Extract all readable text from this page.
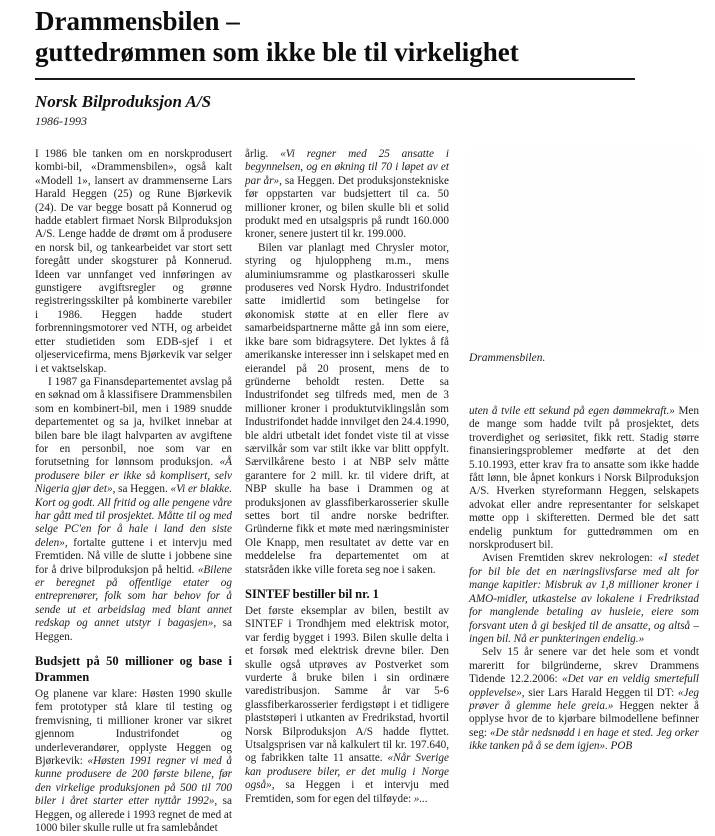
Drammensbilen –
guttedrømmen som ikke ble til virkelighet
Norsk Bilproduksjon A/S
1986-1993

I 1986 ble tanken om en norskprodusert kombi-bil, «Drammensbilen», også kalt «Modell 1», lansert av drammenserne Lars Harald Heggen (25) og Rune Bjørkevik (24). De var begge bosatt på Konnerud og hadde etablert firmaet Norsk Bilproduksjon A/S. Lenge hadde de drømt om å produsere en norsk bil, og tankearbeidet var stort sett foregått under skogsturer på Konnerud. Ideen var unnfanget ved innføringen av gunstigere avgiftsregler og grønne registreringsskilter på kombinerte varebiler i 1986. Heggen hadde studert forbrenningsmotorer ved NTH, og arbeidet etter studietiden som EDB-sjef i et oljeservicefirma, mens Bjørkevik var selger i et vaktselskap.

I 1987 ga Finansdepartementet avslag på en søknad om å klassifisere Drammensbilen som en kombinert-bil, men i 1989 snudde departementet og sa ja, hvilket innebar at bilen bare ble ilagt halvparten av avgiftene for en personbil, noe som var en forutsetning for lønnsom produksjon. «Å produsere biler er ikke så komplisert, selv Nigeria gjør det», sa Heggen. «Vi er blakke. Kort og godt. All fritid og alle pengene våre har gått med til prosjektet. Måtte til og med selge PC'en for å hale i land den siste delen», fortalte guttene i et intervju med Fremtiden. Nå ville de slutte i jobbene sine for å drive bilproduksjon på heltid. «Bilene er beregnet på offentlige etater og entreprenører, folk som har behov for å sende ut et arbeidslag med blant annet redskap og annet utstyr i bagasjen», sa Heggen.

Budsjett på 50 millioner og base i Drammen

Og planene var klare: Høsten 1990 skulle fem prototyper stå klare til testing og fremvisning, ti millioner kroner var sikret gjennom Industrifondet og underleverandører, opplyste Heggen og Bjørkevik: «Høsten 1991 regner vi med å kunne produsere de 200 første bilene, før den virkelige produksjonen på 500 til 700 biler i året starter etter nyttår 1992», sa Heggen, og allerede i 1993 regnet de med at 1000 biler skulle rulle ut fra samlebåndet

årlig. «Vi regner med 25 ansatte i begynnelsen, og en økning til 70 i løpet av et par år», sa Heggen. Det produksjonstekniske før oppstarten var budsjettert til ca. 50 millioner kroner, og bilen skulle bli et solid produkt med en utsalgspris på rundt 160.000 kroner, senere justert til kr. 199.000.

Bilen var planlagt med Chrysler motor, styring og hjuloppheng m.m., mens aluminiumsramme og plastkarosseri skulle produseres ved Norsk Hydro. Industrifondet satte imidlertid som betingelse for økonomisk støtte at en eller flere av samarbeidspartnerne måtte gå inn som eiere, ikke bare som bidragsytere. Det lyktes å få amerikanske interesser inn i selskapet med en eierandel på 20 prosent, mens de to gründerne beholdt resten. Dette sa Industrifondet seg tilfreds med, men de 3 millioner kroner i produktutviklingslån som Industrifondet hadde innvilget den 24.4.1990, ble aldri utbetalt idet fondet viste til at visse særvilkår som var stilt ikke var blitt oppfylt. Særvilkårene besto i at NBP selv måtte garantere for 2 mill. kr. til videre drift, at NBP skulle ha base i Drammen og at produksjonen av glassfiberkarosserier skulle settes bort til andre norske bedrifter. Gründerne fikk et møte med næringsminister Ole Knapp, men resultatet av dette var en meddelelse fra departementet om at statsråden ikke ville foreta seg noe i saken.

SINTEF bestiller bil nr. 1

Det første eksemplar av bilen, bestilt av SINTEF i Trondhjem med elektrisk motor, var ferdig bygget i 1993. Bilen skulle delta i et forsøk med elektrisk drevne biler. Den skulle også utprøves av Postverket som vurderte å bruke bilen i sin ordinære varedistribusjon. Samme år var 5-6 glassfiberkarosserier ferdigstøpt i et tidligere plaststøperi i utkanten av Fredrikstad, hvortil Norsk Bilproduksjon A/S hadde flyttet. Utsalgsprisen var nå kalkulert til kr. 197.640, og fabrikken talte 11 ansatte. «Når Sverige kan produsere biler, er det mulig i Norge også», sa Heggen i et intervju med Fremtiden, som for egen del tilføyde: »...

Drammensbilen.

uten å tvile ett sekund på egen dømmekraft.» Men de mange som hadde tvilt på prosjektet, dets troverdighet og seriøsitet, fikk rett. Stadig større finansieringsproblemer medførte at det den 5.10.1993, etter krav fra to ansatte som ikke hadde fått lønn, ble åpnet konkurs i Norsk Bilproduksjon A/S. Hverken styreformann Heggen, selskapets advokat eller andre representanter for selskapet møtte opp i skifteretten. Dermed ble det satt endelig punktum for guttedrømmen om en norskprodusert bil.

Avisen Fremtiden skrev nekrologen: «I stedet for bil ble det en næringslivsfarse med alt for mange kapitler: Misbruk av 1,8 millioner kroner i AMO-midler, utkastelse av lokalene i Fredrikstad for manglende betaling av husleie, eiere som forsvant uten å gi beskjed til de ansatte, og altså – ingen bil. Nå er punkteringen endelig.»

Selv 15 år senere var det hele som et vondt mareritt for bilgründerne, skrev Drammens Tidende 12.2.2006: «Det var en veldig smertefull opplevelse», sier Lars Harald Heggen til DT: «Jeg prøver å glemme hele greia.» Heggen nekter å opplyse hvor de to kjørbare bilmodellene befinner seg: «De står nedsnødd i en hage et sted. Jeg orker ikke tanken på å se dem igjen». POB
